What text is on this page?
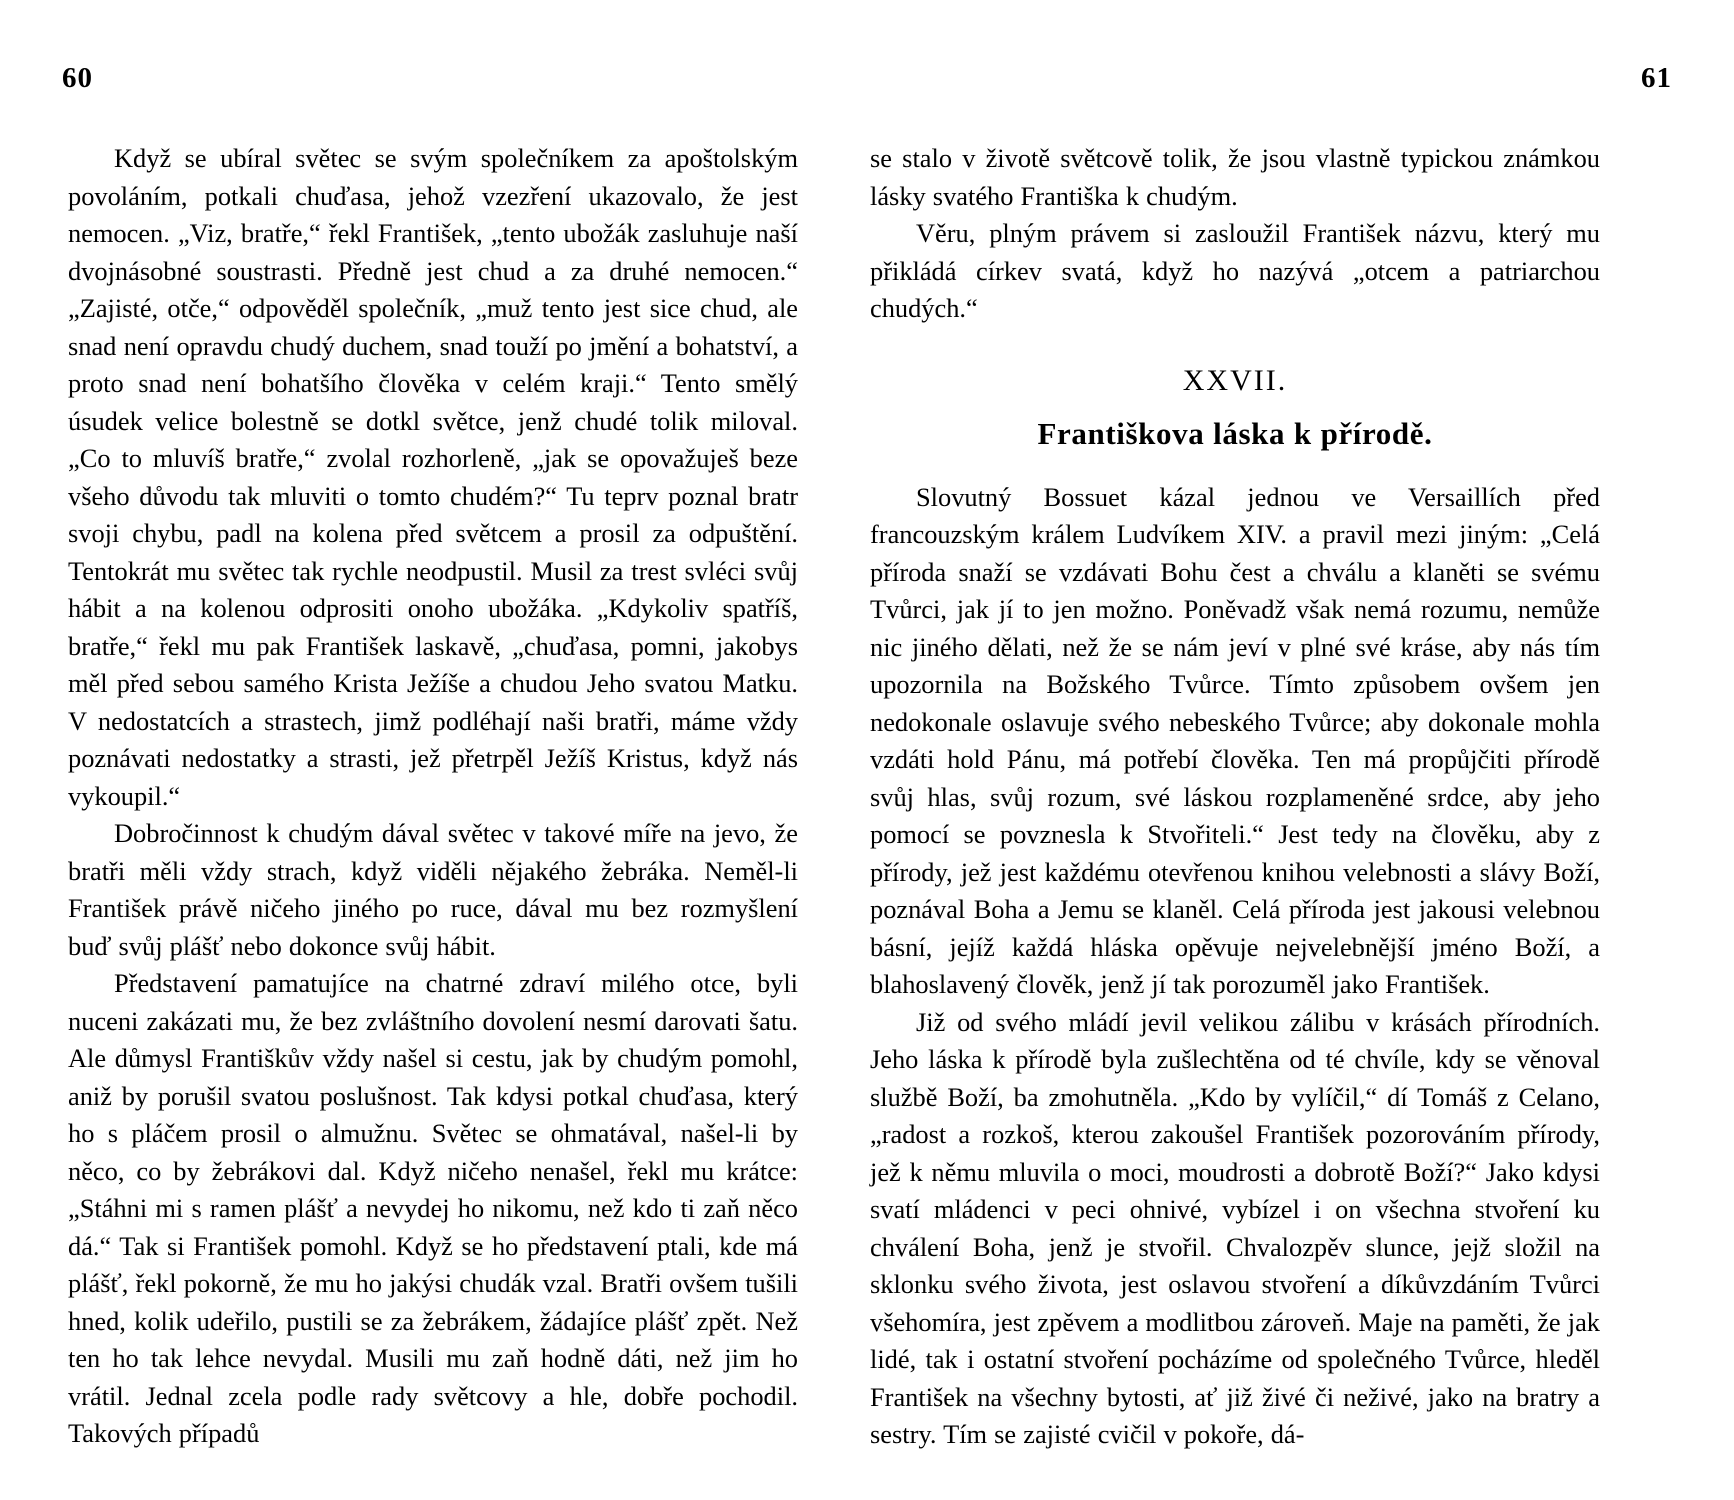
60	61

Když se ubíral světec se svým společníkem za apoštolským povoláním, potkali chuďasa, jehož vzezření ukazovalo, že jest nemocen. „Viz, bratře,“ řekl František, „tento ubožák zasluhuje naší dvojnásobné soustrasti. Předně jest chud a za druhé nemocen.“ „Zajisté, otče,“ odpověděl společník, „muž tento jest sice chud, ale snad není opravdu chudý duchem, snad touží po jmění a bohatství, a proto snad není bohatšího člověka v celém kraji.“ Tento smělý úsudek velice bolestně se dotkl světce, jenž chudé tolik miloval. „Co to mluvíš bratře,“ zvolal rozhorleně, „jak se opovažuješ beze všeho důvodu tak mluviti o tomto chudém?“ Tu teprv poznal bratr svoji chybu, padl na kolena před světcem a prosil za odpuštění. Tentokrát mu světec tak rychle neodpustil. Musil za trest svléci svůj hábit a na kolenou odprositi onoho ubožáka. „Kdykoliv spatříš, bratře,“ řekl mu pak František laskavě, „chuďasa, pomni, jakobys měl před sebou samého Krista Ježíše a chudou Jeho svatou Matku. V nedostatcích a strastech, jimž podléhají naši bratři, máme vždy poznávati nedostatky a strasti, jež přetrpěl Ježíš Kristus, když nás vykoupil.“

Dobročinnost k chudým dával světec v takové míře na jevo, že bratři měli vždy strach, když viděli nějakého žebráka. Neměl-li František právě ničeho jiného po ruce, dával mu bez rozmyšlení buď svůj plášť nebo dokonce svůj hábit.

Představení pamatujíce na chatrné zdraví milého otce, byli nuceni zakázati mu, že bez zvláštního dovolení nesmí darovati šatu. Ale důmysl Františkův vždy našel si cestu, jak by chudým pomohl, aniž by porušil svatou poslušnost. Tak kdysi potkal chuďasa, který ho s pláčem prosil o almužnu. Světec se ohmatával, našel-li by něco, co by žebrákovi dal. Když ničeho nenašel, řekl mu krátce: „Stáhni mi s ramen plášť a nevydej ho nikomu, než kdo ti zaň něco dá.“ Tak si František pomohl. Když se ho představení ptali, kde má plášť, řekl pokorně, že mu ho jakýsi chudák vzal. Bratři ovšem tušili hned, kolik udeřilo, pustili se za žebrákem, žádajíce plášť zpět. Než ten ho tak lehce nevydal. Musili mu zaň hodně dáti, než jim ho vrátil. Jednal zcela podle rady světcovy a hle, dobře pochodil. Takových případů

se stalo v životě světcově tolik, že jsou vlastně typickou známkou lásky svatého Františka k chudým.

Věru, plným právem si zasloužil František názvu, který mu přikládá církev svatá, když ho nazývá „otcem a patriarchou chudých.“

XXVII.

Františkova láska k přírodě.

Slovutný Bossuet kázal jednou ve Versaillích před francouzským králem Ludvíkem XIV. a pravil mezi jiným: „Celá příroda snaží se vzdávati Bohu čest a chválu a klaněti se svému Tvůrci, jak jí to jen možno. Poněvadž však nemá rozumu, nemůže nic jiného dělati, než že se nám jeví v plné své kráse, aby nás tím upozornila na Božského Tvůrce. Tímto způsobem ovšem jen nedokonale oslavuje svého nebeského Tvůrce; aby dokonale mohla vzdáti hold Pánu, má potřebí člověka. Ten má propůjčiti přírodě svůj hlas, svůj rozum, své láskou rozplameněné srdce, aby jeho pomocí se povznesla k Stvořiteli.“ Jest tedy na člověku, aby z přírody, jež jest každému otevřenou knihou velebnosti a slávy Boží, poznával Boha a Jemu se klaněl. Celá příroda jest jakousi velebnou básní, jejíž každá hláska opěvuje nejvelebnější jméno Boží, a blahoslavený člověk, jenž jí tak porozuměl jako František.

Již od svého mládí jevil velikou zálibu v krásách přírodních. Jeho láska k přírodě byla zušlechtěna od té chvíle, kdy se věnoval službě Boží, ba zmohutněla. „Kdo by vylíčil,“ dí Tomáš z Celano, „radost a rozkoš, kterou zakoušel František pozorováním přírody, jež k němu mluvila o moci, moudrosti a dobrotě Boží?“ Jako kdysi svatí mládenci v peci ohnivé, vybízel i on všechna stvoření ku chválení Boha, jenž je stvořil. Chvalozpěv slunce, jejž složil na sklonku svého života, jest oslavou stvoření a díkůvzdáním Tvůrci všehomíra, jest zpěvem a modlitbou zároveň. Maje na paměti, že jak lidé, tak i ostatní stvoření pocházíme od společného Tvůrce, hleděl František na všechny bytosti, ať již živé či neživé, jako na bratry a sestry. Tím se zajisté cvičil v pokoře, dá-
